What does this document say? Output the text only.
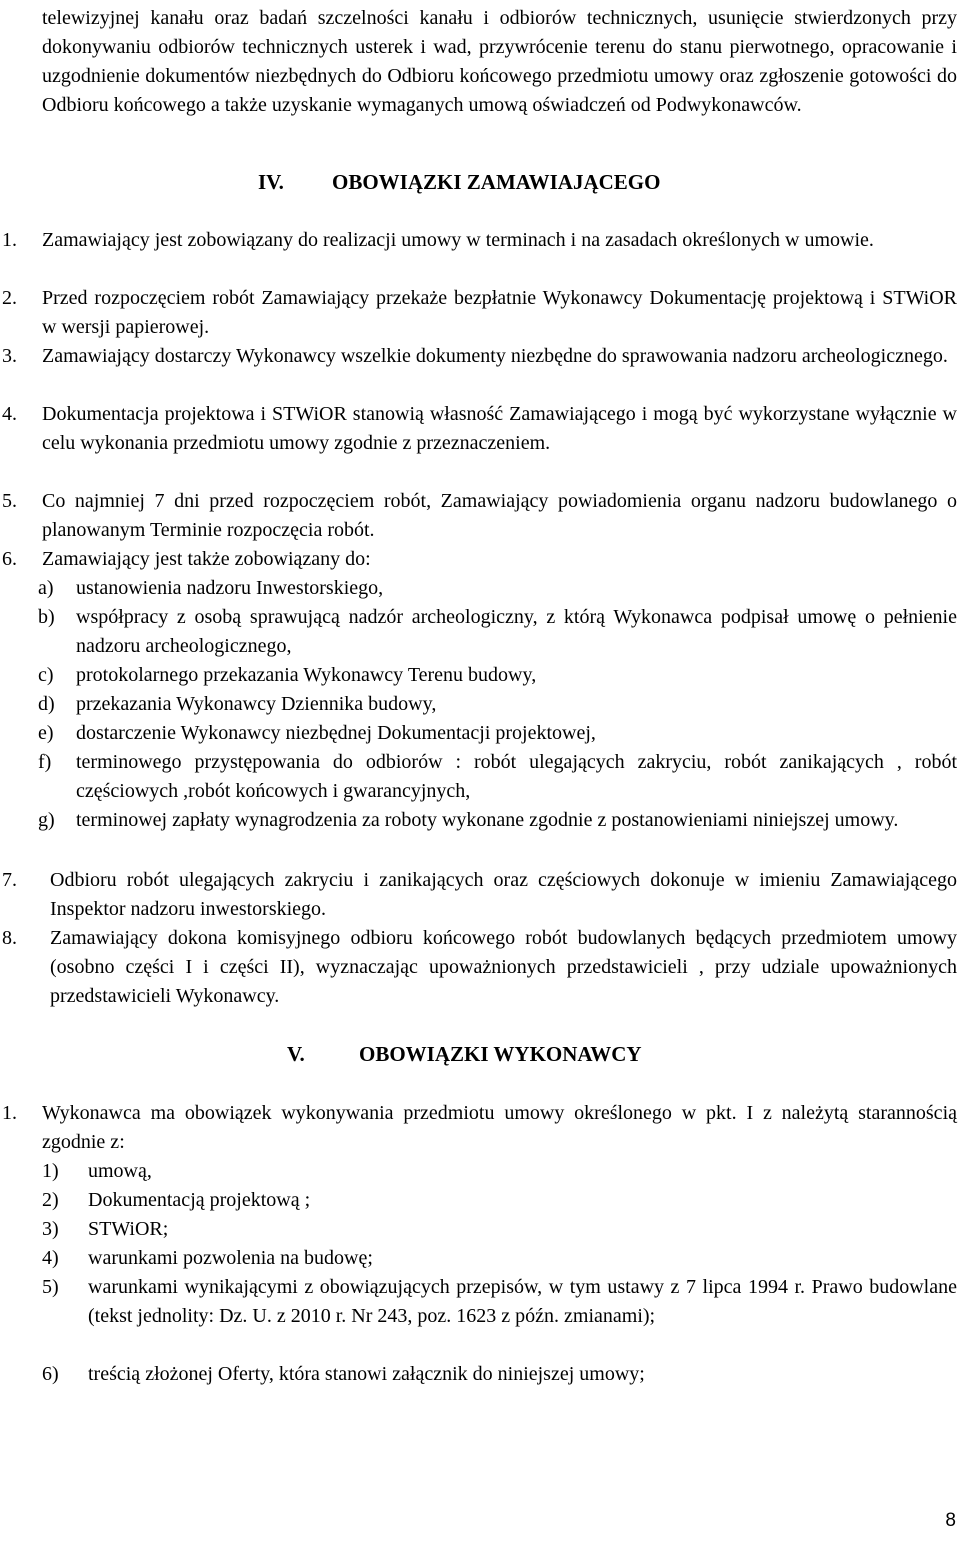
telewizyjnej kanału oraz badań szczelności kanału i odbiorów technicznych, usunięcie stwierdzonych przy dokonywaniu odbiorów technicznych usterek i wad, przywrócenie terenu do stanu pierwotnego, opracowanie i uzgodnienie dokumentów niezbędnych do Odbioru końcowego przedmiotu umowy oraz zgłoszenie gotowości do Odbioru końcowego a także uzyskanie wymaganych umową oświadczeń od Podwykonawców.
IV. OBOWIĄZKI ZAMAWIAJĄCEGO
1. Zamawiający jest zobowiązany do realizacji umowy w terminach i na zasadach określonych w umowie.
2. Przed rozpoczęciem robót Zamawiający przekaże bezpłatnie Wykonawcy Dokumentację projektową i STWiOR w wersji papierowej.
3. Zamawiający dostarczy Wykonawcy wszelkie dokumenty niezbędne do sprawowania nadzoru archeologicznego.
4. Dokumentacja projektowa i STWiOR stanowią własność Zamawiającego i mogą być wykorzystane wyłącznie w celu wykonania przedmiotu umowy zgodnie z przeznaczeniem.
5. Co najmniej 7 dni przed rozpoczęciem robót, Zamawiający powiadomienia organu nadzoru budowlanego o planowanym Terminie rozpoczęcia robót.
6. Zamawiający jest także zobowiązany do:
a) ustanowienia nadzoru Inwestorskiego,
b) współpracy z osobą sprawującą nadzór archeologiczny, z którą Wykonawca podpisał umowę o pełnienie nadzoru archeologicznego,
c) protokolarnego przekazania Wykonawcy Terenu budowy,
d) przekazania Wykonawcy Dziennika budowy,
e) dostarczenie Wykonawcy niezbędnej Dokumentacji projektowej,
f) terminowego przystępowania do odbiorów : robót ulegających zakryciu, robót zanikających , robót częściowych ,robót końcowych i gwarancyjnych,
g) terminowej zapłaty wynagrodzenia za roboty wykonane zgodnie z postanowieniami niniejszej umowy.
7. Odbioru robót ulegających zakryciu i zanikających oraz częściowych dokonuje w imieniu Zamawiającego Inspektor nadzoru inwestorskiego.
8. Zamawiający dokona komisyjnego odbioru końcowego robót budowlanych będących przedmiotem umowy (osobno części I i części II), wyznaczając upoważnionych przedstawicieli , przy udziale upoważnionych przedstawicieli Wykonawcy.
V.	OBOWIĄZKI WYKONAWCY
1. Wykonawca ma obowiązek wykonywania przedmiotu umowy określonego w pkt. I z należytą starannością zgodnie z:
1) umową,
2) Dokumentacją projektową ;
3) STWiOR;
4) warunkami pozwolenia na budowę;
5) warunkami wynikającymi z obowiązujących przepisów, w tym ustawy z 7 lipca 1994 r. Prawo budowlane (tekst jednolity: Dz. U. z 2010 r. Nr 243, poz. 1623 z późn. zmianami);
6) treścią złożonej Oferty, która stanowi załącznik do niniejszej umowy;
8
